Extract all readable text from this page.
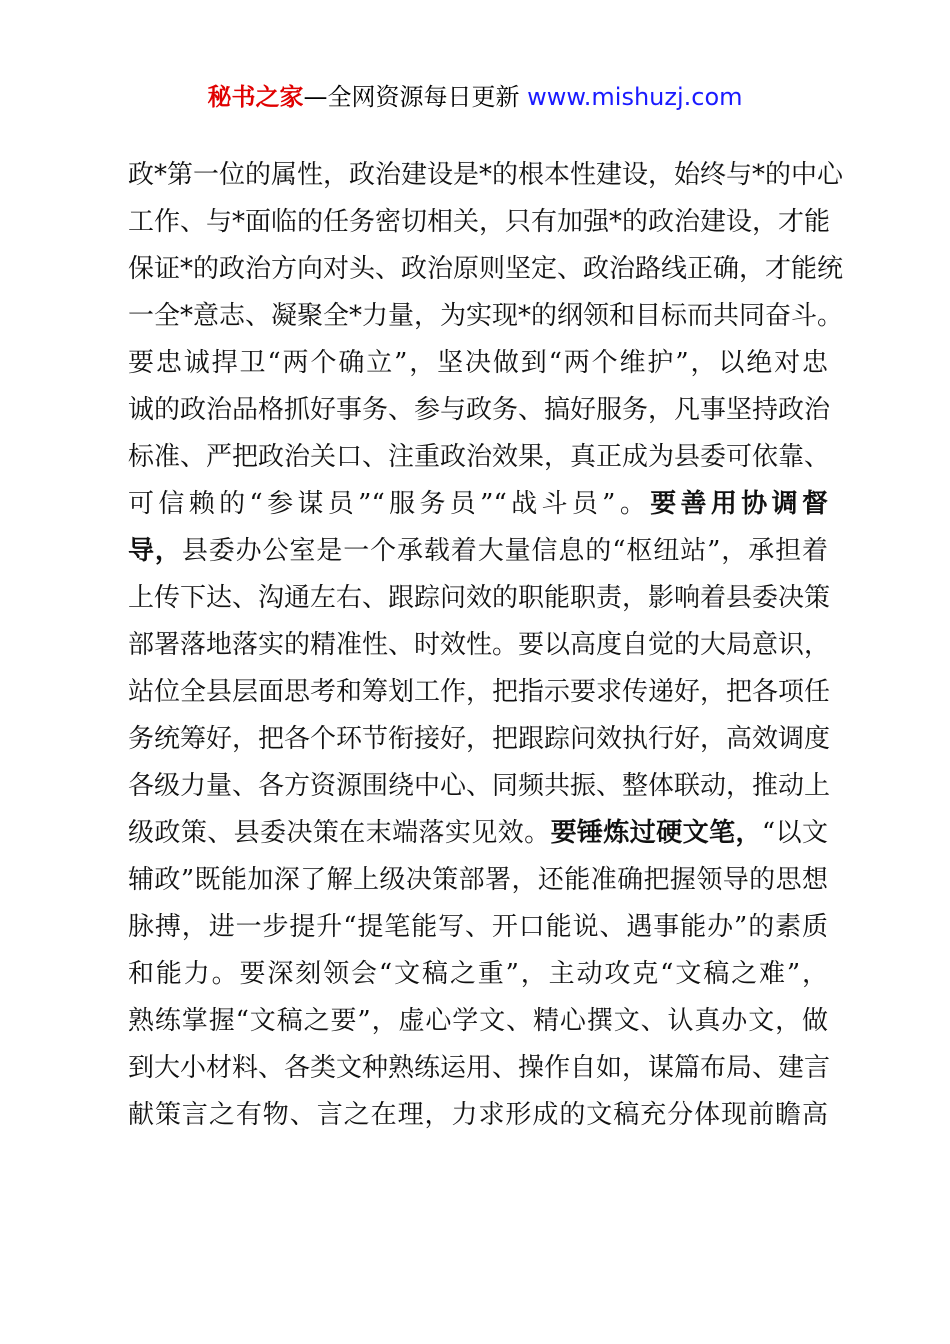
秘书之家—全网资源每日更新 www.mishuzj.com
政*第一位的属性，政治建设是*的根本性建设，始终与*的中心
工作、与*面临的任务密切相关，只有加强*的政治建设，才能
保证*的政治方向对头、政治原则坚定、政治路线正确，才能统
一全*意志、凝聚全*力量，为实现*的纲领和目标而共同奋斗。
要忠诚捍卫“两个确立”，坚决做到“两个维护”，以绝对忠
诚的政治品格抓好事务、参与政务、搞好服务，凡事坚持政治
标准、严把政治关口、注重政治效果，真正成为县委可依靠、
可信赖的“参谋员”“服务员”“战斗员”。要善用协调督
导，县委办公室是一个承载着大量信息的“枢纽站”，承担着
上传下达、沟通左右、跟踪问效的职能职责，影响着县委决策
部署落地落实的精准性、时效性。要以高度自觉的大局意识，
站位全县层面思考和筹划工作，把指示要求传递好，把各项任
务统筹好，把各个环节衔接好，把跟踪问效执行好，高效调度
各级力量、各方资源围绕中心、同频共振、整体联动，推动上
级政策、县委决策在末端落实见效。要锤炼过硬文笔，“以文
辅政”既能加深了解上级决策部署，还能准确把握领导的思想
脉搏，进一步提升“提笔能写、开口能说、遇事能办”的素质
和能力。要深刻领会“文稿之重”，主动攻克“文稿之难”，
熟练掌握“文稿之要”，虚心学文、精心撰文、认真办文，做
到大小材料、各类文种熟练运用、操作自如，谋篇布局、建言
献策言之有物、言之在理，力求形成的文稿充分体现前瞻高
